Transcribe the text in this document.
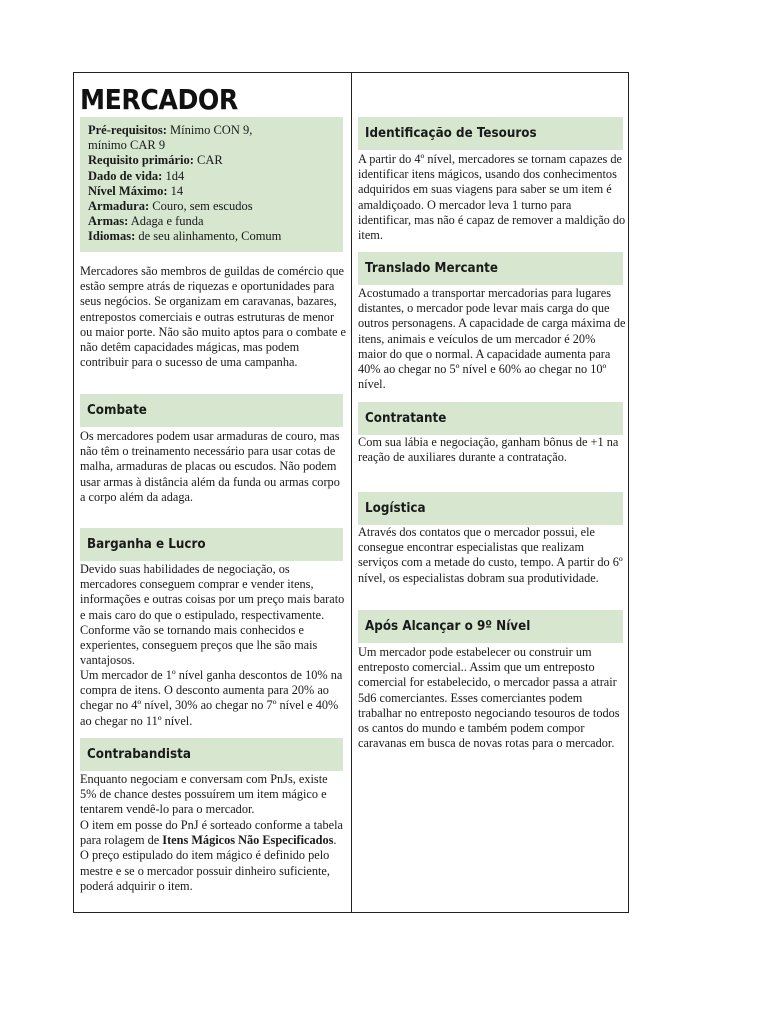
MERCADOR
Pré-requisitos: Mínimo CON 9,
mínimo CAR 9
Requisito primário: CAR
Dado de vida: 1d4
Nível Máximo: 14
Armadura: Couro, sem escudos
Armas: Adaga e funda
Idiomas: de seu alinhamento, Comum

Mercadores são membros de guildas de comércio que estão sempre atrás de riquezas e oportunidades para seus negócios. Se organizam em caravanas, bazares, entrepostos comerciais e outras estruturas de menor ou maior porte. Não são muito aptos para o combate e não detêm capacidades mágicas, mas podem contribuir para o sucesso de uma campanha.

Combate

Os mercadores podem usar armaduras de couro, mas não têm o treinamento necessário para usar cotas de malha, armaduras de placas ou escudos. Não podem usar armas à distância além da funda ou armas corpo a corpo além da adaga.

Barganha e Lucro

Devido suas habilidades de negociação, os mercadores conseguem comprar e vender itens, informações e outras coisas por um preço mais barato e mais caro do que o estipulado, respectivamente. Conforme vão se tornando mais conhecidos e experientes, conseguem preços que lhe são mais vantajosos.

Um mercador de 1º nível ganha descontos de 10% na compra de itens. O desconto aumenta para 20% ao chegar no 4º nível, 30% ao chegar no 7º nível e 40% ao chegar no 11º nível.

Contrabandista

Enquanto negociam e conversam com PnJs, existe 5% de chance destes possuírem um item mágico e tentarem vendê-lo para o mercador.

O item em posse do PnJ é sorteado conforme a tabela para rolagem de Itens Mágicos Não Especificados. O preço estipulado do item mágico é definido pelo mestre e se o mercador possuir dinheiro suficiente, poderá adquirir o item.

Identificação de Tesouros

A partir do 4º nível, mercadores se tornam capazes de identificar itens mágicos, usando dos conhecimentos adquiridos em suas viagens para saber se um item é amaldiçoado. O mercador leva 1 turno para identificar, mas não é capaz de remover a maldição do item.

Translado Mercante

Acostumado a transportar mercadorias para lugares distantes, o mercador pode levar mais carga do que outros personagens. A capacidade de carga máxima de itens, animais e veículos de um mercador é 20% maior do que o normal. A capacidade aumenta para 40% ao chegar no 5º nível e 60% ao chegar no 10º nível.

Contratante

Com sua lábia e negociação, ganham bônus de +1 na reação de auxiliares durante a contratação.

Logística

Através dos contatos que o mercador possui, ele consegue encontrar especialistas que realizam serviços com a metade do custo, tempo. A partir do 6º nível, os especialistas dobram sua produtividade.

Após Alcançar o 9º Nível

Um mercador pode estabelecer ou construir um entreposto comercial.. Assim que um entreposto comercial for estabelecido, o mercador passa a atrair 5d6 comerciantes. Esses comerciantes podem trabalhar no entreposto negociando tesouros de todos os cantos do mundo e também podem compor caravanas em busca de novas rotas para o mercador.
